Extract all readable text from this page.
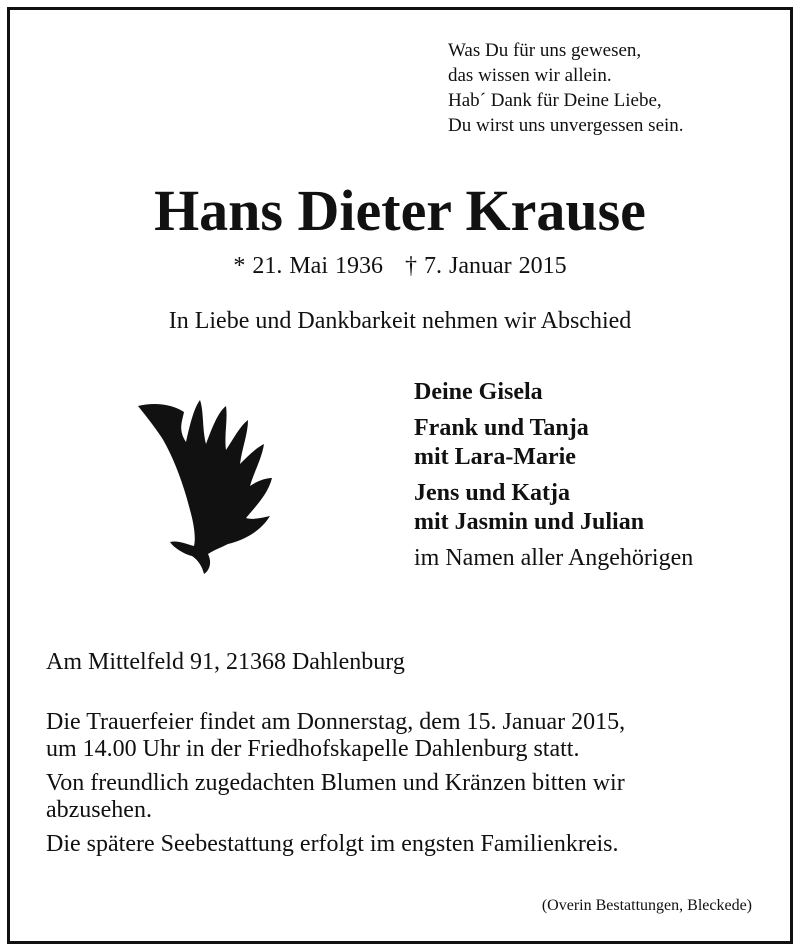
Was Du für uns gewesen,
das wissen wir allein.
Hab´ Dank für Deine Liebe,
Du wirst uns unvergessen sein.
Hans Dieter Krause
* 21. Mai 1936 † 7. Januar 2015
In Liebe und Dankbarkeit nehmen wir Abschied
Deine Gisela
Frank und Tanja
mit Lara-Marie
Jens und Katja
mit Jasmin und Julian
im Namen aller Angehörigen
Am Mittelfeld 91, 21368 Dahlenburg

Die Trauerfeier findet am Donnerstag, dem 15. Januar 2015,
um 14.00 Uhr in der Friedhofskapelle Dahlenburg statt.

Von freundlich zugedachten Blumen und Kränzen bitten wir
abzusehen.

Die spätere Seebestattung erfolgt im engsten Familienkreis.

(Overin Bestattungen, Bleckede)
